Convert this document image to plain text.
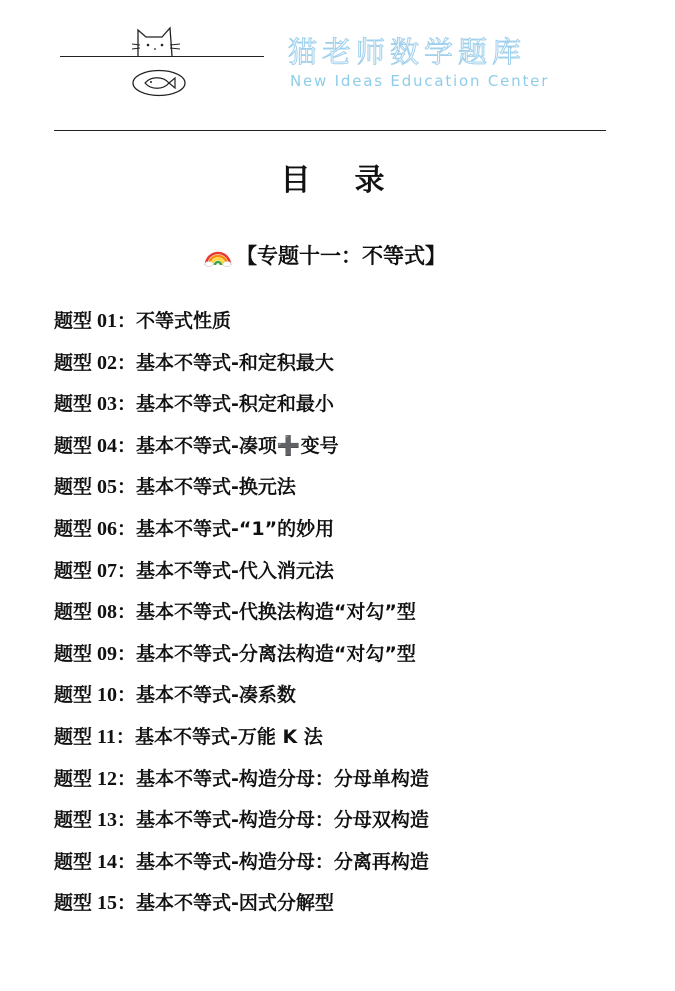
猫老师数学题库
New Ideas Education Center
目 录
【专题十一：不等式】
题型 01：不等式性质
题型 02：基本不等式-和定积最大
题型 03：基本不等式-积定和最小
题型 04：基本不等式-凑项➕变号
题型 05：基本不等式-换元法
题型 06：基本不等式-“1”的妙用
题型 07：基本不等式-代入消元法
题型 08：基本不等式-代换法构造“对勾”型
题型 09：基本不等式-分离法构造“对勾”型
题型 10：基本不等式-凑系数
题型 11：基本不等式-万能 K 法
题型 12：基本不等式-构造分母：分母单构造
题型 13：基本不等式-构造分母：分母双构造
题型 14：基本不等式-构造分母：分离再构造
题型 15：基本不等式-因式分解型
